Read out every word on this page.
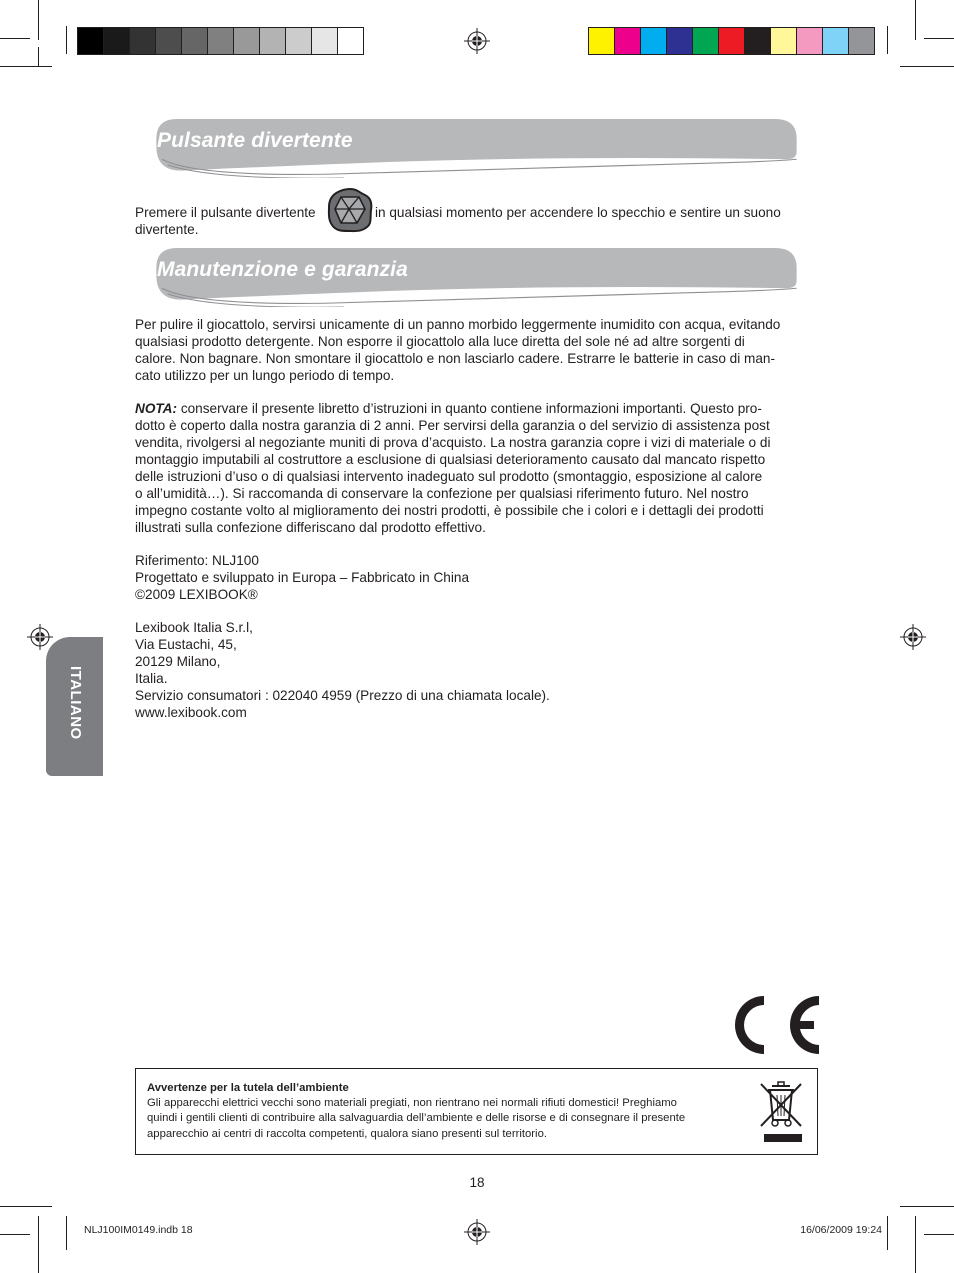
Pulsante divertente

Premere il pulsante divertente	in qualsiasi momento per accendere lo specchio e sentire un suono
divertente.
Manutenzione e garanzia

Per pulire il giocattolo, servirsi unicamente di un panno morbido leggermente inumidito con acqua, evitando

qualsiasi prodotto detergente. Non esporre il giocattolo alla luce diretta del sole né ad altre sorgenti di

calore. Non bagnare. Non smontare il giocattolo e non lasciarlo cadere. Estrarre le batterie in caso di man-

cato utilizzo per un lungo periodo di tempo.

NOTA: conservare il presente libretto d’istruzioni in quanto contiene informazioni importanti. Questo pro-

dotto è coperto dalla nostra garanzia di 2 anni. Per servirsi della garanzia o del servizio di assistenza post

vendita, rivolgersi al negoziante muniti di prova d’acquisto. La nostra garanzia copre i vizi di materiale o di

montaggio imputabili al costruttore a esclusione di qualsiasi deterioramento causato dal mancato rispetto

delle istruzioni d’uso o di qualsiasi intervento inadeguato sul prodotto (smontaggio, esposizione al calore

o all’umidità…). Si raccomanda di conservare la confezione per qualsiasi riferimento futuro. Nel nostro

impegno costante volto al miglioramento dei nostri prodotti, è possibile che i colori e i dettagli dei prodotti

illustrati sulla confezione differiscano dal prodotto effettivo.

Riferimento: NLJ100

Progettato e sviluppato in Europa – Fabbricato in China

©2009 LEXIBOOK®

Lexibook Italia S.r.l,

Via Eustachi, 45,

20129 Milano,

Italia.

Servizio consumatori : 022040 4959 (Prezzo di una chiamata locale).

www.lexibook.com

ITALIANO

Avvertenze per la tutela dell’ambiente

Gli apparecchi elettrici vecchi sono materiali pregiati, non rientrano nei normali rifiuti domestici! Preghiamo

quindi i gentili clienti di contribuire alla salvaguardia dell’ambiente e delle risorse e di consegnare il presente

apparecchio ai centri di raccolta competenti, qualora siano presenti sul territorio.

18
NLJ100IM0149.indb 18	16/06/2009 19:24
